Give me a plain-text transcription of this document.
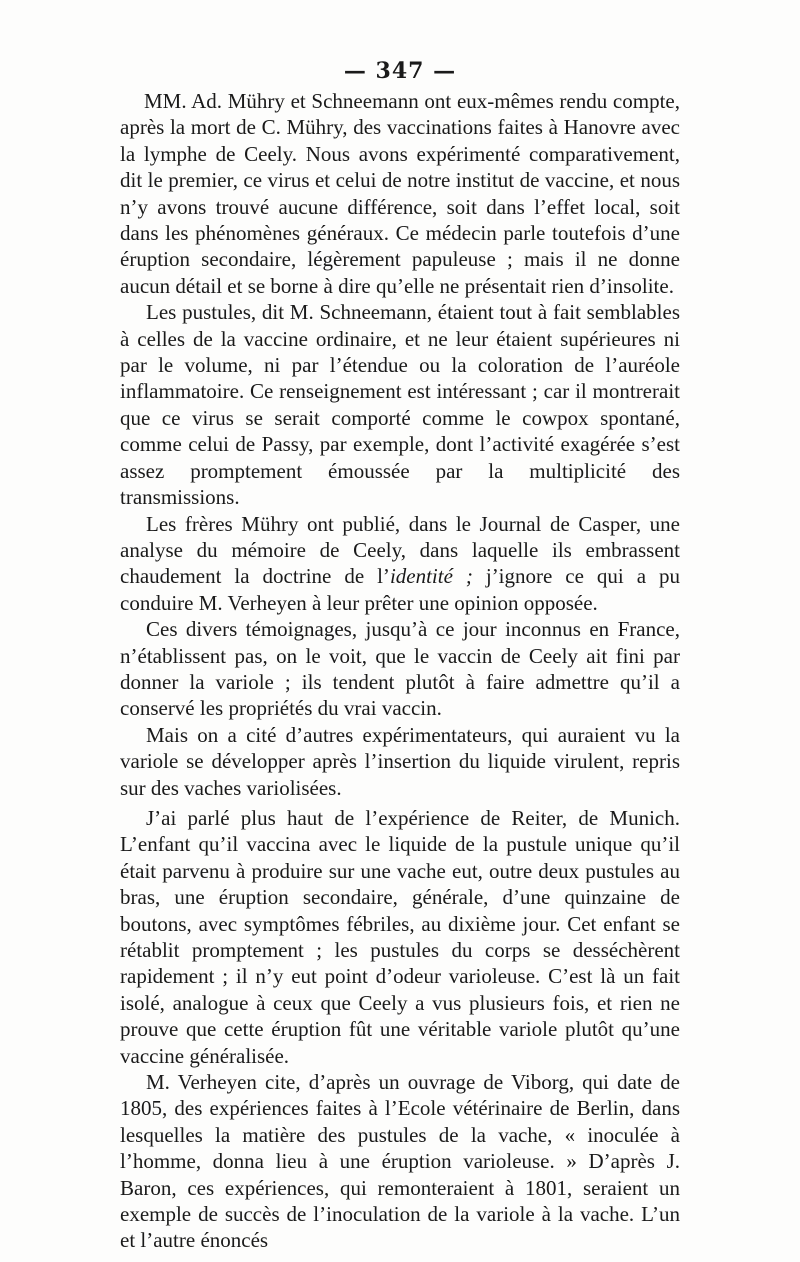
— 347 —

MM. Ad. Mühry et Schneemann ont eux-mêmes rendu compte, après la mort de C. Mühry, des vaccinations faites à Hanovre avec la lymphe de Ceely. Nous avons expérimenté comparativement, dit le premier, ce virus et celui de notre institut de vaccine, et nous n’y avons trouvé aucune différence, soit dans l’effet local, soit dans les phénomènes généraux. Ce médecin parle toutefois d’une éruption secondaire, légèrement papuleuse ; mais il ne donne aucun détail et se borne à dire qu’elle ne présentait rien d’insolite.

Les pustules, dit M. Schneemann, étaient tout à fait semblables à celles de la vaccine ordinaire, et ne leur étaient supérieures ni par le volume, ni par l’étendue ou la coloration de l’auréole inflammatoire. Ce renseignement est intéressant ; car il montrerait que ce virus se serait comporté comme le cowpox spontané, comme celui de Passy, par exemple, dont l’activité exagérée s’est assez promptement émoussée par la multiplicité des transmissions.

Les frères Mühry ont publié, dans le Journal de Casper, une analyse du mémoire de Ceely, dans laquelle ils embrassent chaudement la doctrine de l’identité ; j’ignore ce qui a pu conduire M. Verheyen à leur prêter une opinion opposée.

Ces divers témoignages, jusqu’à ce jour inconnus en France, n’établissent pas, on le voit, que le vaccin de Ceely ait fini par donner la variole ; ils tendent plutôt à faire admettre qu’il a conservé les propriétés du vrai vaccin.

Mais on a cité d’autres expérimentateurs, qui auraient vu la variole se développer après l’insertion du liquide virulent, repris sur des vaches variolisées.

J’ai parlé plus haut de l’expérience de Reiter, de Munich. L’enfant qu’il vaccina avec le liquide de la pustule unique qu’il était parvenu à produire sur une vache eut, outre deux pustules au bras, une éruption secondaire, générale, d’une quinzaine de boutons, avec symptômes fébriles, au dixième jour. Cet enfant se rétablit promptement ; les pustules du corps se desséchèrent rapidement ; il n’y eut point d’odeur varioleuse. C’est là un fait isolé, analogue à ceux que Ceely a vus plusieurs fois, et rien ne prouve que cette éruption fût une véritable variole plutôt qu’une vaccine généralisée.

M. Verheyen cite, d’après un ouvrage de Viborg, qui date de 1805, des expériences faites à l’Ecole vétérinaire de Berlin, dans lesquelles la matière des pustules de la vache, « inoculée à l’homme, donna lieu à une éruption varioleuse. » D’après J. Baron, ces expériences, qui remonteraient à 1801, seraient un exemple de succès de l’inoculation de la variole à la vache. L’un et l’autre énoncés
